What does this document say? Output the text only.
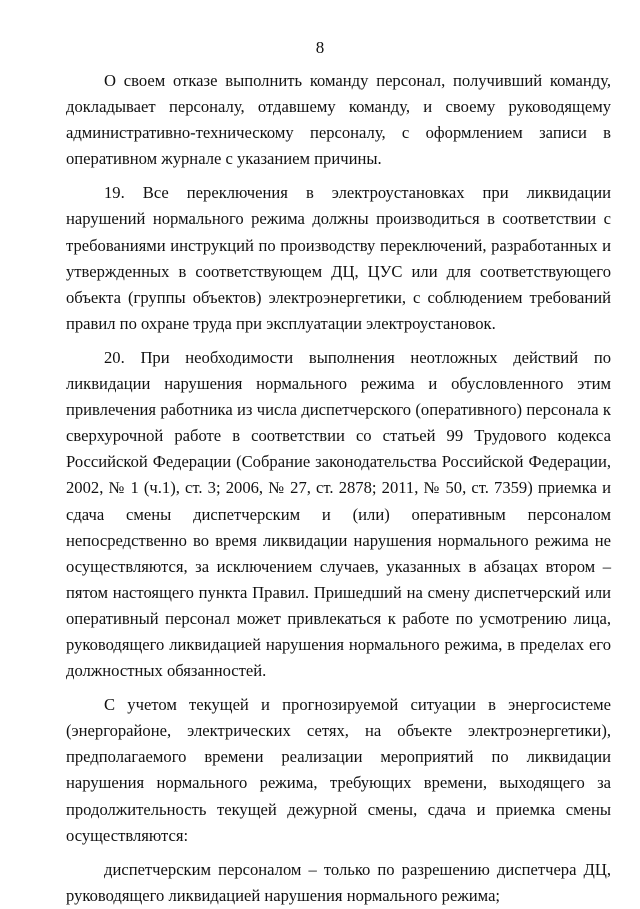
8

О своем отказе выполнить команду персонал, получивший команду, докладывает персоналу, отдавшему команду, и своему руководящему административно-техническому персоналу, с оформлением записи в оперативном журнале с указанием причины.

19. Все переключения в электроустановках при ликвидации нарушений нормального режима должны производиться в соответствии с требованиями инструкций по производству переключений, разработанных и утвержденных в соответствующем ДЦ, ЦУС или для соответствующего объекта (группы объектов) электроэнергетики, с соблюдением требований правил по охране труда при эксплуатации электроустановок.

20. При необходимости выполнения неотложных действий по ликвидации нарушения нормального режима и обусловленного этим привлечения работника из числа диспетчерского (оперативного) персонала к сверхурочной работе в соответствии со статьей 99 Трудового кодекса Российской Федерации (Собрание законодательства Российской Федерации, 2002, № 1 (ч.1), ст. 3; 2006, № 27, ст. 2878; 2011, № 50, ст. 7359) приемка и сдача смены диспетчерским и (или) оперативным персоналом непосредственно во время ликвидации нарушения нормального режима не осуществляются, за исключением случаев, указанных в абзацах втором – пятом настоящего пункта Правил. Пришедший на смену диспетчерский или оперативный персонал может привлекаться к работе по усмотрению лица, руководящего ликвидацией нарушения нормального режима, в пределах его должностных обязанностей.

С учетом текущей и прогнозируемой ситуации в энергосистеме (энергорайоне, электрических сетях, на объекте электроэнергетики), предполагаемого времени реализации мероприятий по ликвидации нарушения нормального режима, требующих времени, выходящего за продолжительность текущей дежурной смены, сдача и приемка смены осуществляются:

диспетчерским персоналом – только по разрешению диспетчера ДЦ, руководящего ликвидацией нарушения нормального режима;
